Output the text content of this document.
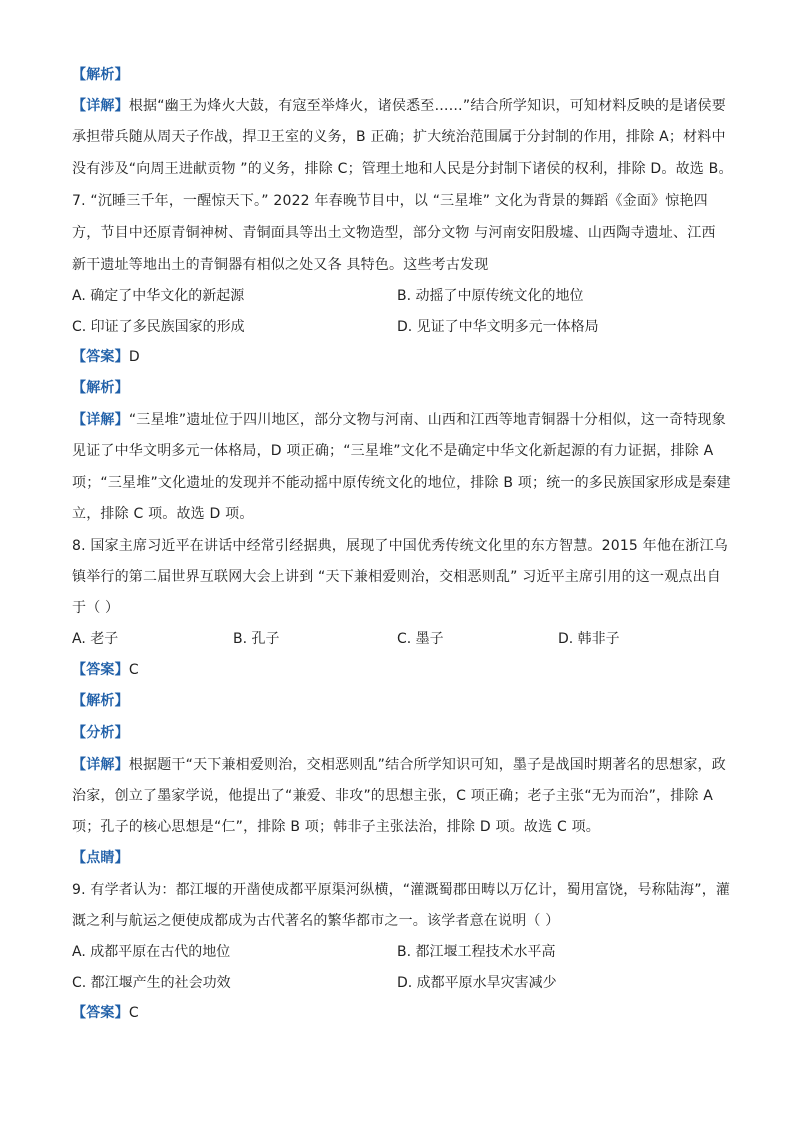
【解析】
【详解】根据“幽王为烽火大鼓，有寇至举烽火，诸侯悉至……”结合所学知识，可知材料反映的是诸侯要
承担带兵随从周天子作战，捍卫王室的义务，B 正确；扩大统治范围属于分封制的作用，排除 A；材料中
没有涉及“向周王进献贡物 ”的义务，排除 C；管理土地和人民是分封制下诸侯的权利，排除 D。故选 B。
7. “沉睡三千年，一醒惊天下。” 2022 年春晚节目中，以 “三星堆” 文化为背景的舞蹈《金面》惊艳四
方，节目中还原青铜神树、青铜面具等出土文物造型，部分文物 与河南安阳殷墟、山西陶寺遗址、江西
新干遗址等地出土的青铜器有相似之处又各 具特色。这些考古发现
A. 确定了中华文化的新起源	B. 动摇了中原传统文化的地位
C. 印证了多民族国家的形成	D. 见证了中华文明多元一体格局
【答案】D
【解析】
【详解】“三星堆”遗址位于四川地区，部分文物与河南、山西和江西等地青铜器十分相似，这一奇特现象
见证了中华文明多元一体格局，D 项正确；“三星堆”文化不是确定中华文化新起源的有力证据，排除 A
项；“三星堆”文化遗址的发现并不能动摇中原传统文化的地位，排除 B 项；统一的多民族国家形成是秦建
立，排除 C 项。故选 D 项。
8. 国家主席习近平在讲话中经常引经据典，展现了中国优秀传统文化里的东方智慧。2015 年他在浙江乌
镇举行的第二届世界互联网大会上讲到 “天下兼相爱则治，交相恶则乱” 习近平主席引用的这一观点出自
于（ ）
A. 老子	B. 孔子	C. 墨子	D. 韩非子
【答案】C
【解析】
【分析】
【详解】根据题干“天下兼相爱则治，交相恶则乱”结合所学知识可知，墨子是战国时期著名的思想家，政
治家，创立了墨家学说，他提出了“兼爱、非攻”的思想主张，C 项正确；老子主张“无为而治”，排除 A
项；孔子的核心思想是“仁”，排除 B 项；韩非子主张法治，排除 D 项。故选 C 项。
【点睛】
9. 有学者认为：都江堰的开凿使成都平原渠河纵横，“灌溉蜀郡田畴以万亿计，蜀用富饶，号称陆海”，灌
溉之利与航运之便使成都成为古代著名的繁华都市之一。该学者意在说明（ ）
A. 成都平原在古代的地位	B. 都江堰工程技术水平高
C. 都江堰产生的社会功效	D. 成都平原水旱灾害减少
【答案】C
